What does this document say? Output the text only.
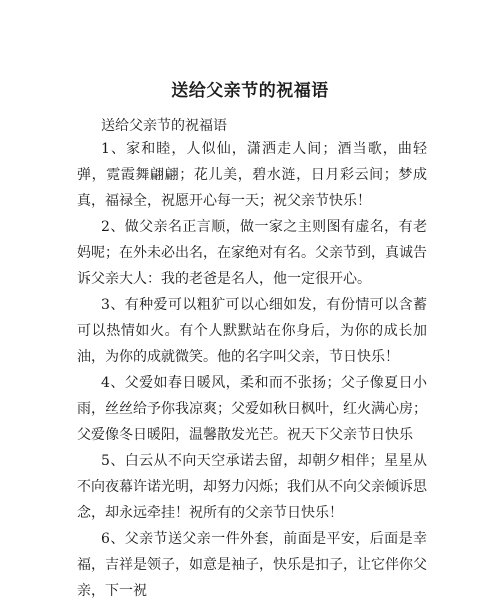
送给父亲节的祝福语

送给父亲节的祝福语

1、家和睦，人似仙，潇洒走人间；酒当歌，曲轻弹，霓霞舞翩翩；花儿美，碧水涟，日月彩云间；梦成真，福禄全，祝愿开心每一天；祝父亲节快乐！

2、做父亲名正言顺，做一家之主则图有虚名，有老妈呢；在外未必出名，在家绝对有名。父亲节到，真诚告诉父亲大人：我的老爸是名人，他一定很开心。

3、有种爱可以粗犷可以心细如发，有份情可以含蓄可以热情如火。有个人默默站在你身后，为你的成长加油，为你的成就微笑。他的名字叫父亲，节日快乐！

4、父爱如春日暖风，柔和而不张扬；父子像夏日小雨，丝丝给予你我凉爽；父爱如秋日枫叶，红火满心房；父爱像冬日暖阳，温馨散发光芒。祝天下父亲节日快乐

5、白云从不向天空承诺去留，却朝夕相伴；星星从不向夜幕许诺光明，却努力闪烁；我们从不向父亲倾诉思念，却永远牵挂！祝所有的父亲节日快乐！

6、父亲节送父亲一件外套，前面是平安，后面是幸福，吉祥是领子，如意是袖子，快乐是扣子，让它伴你父亲，下一祝
